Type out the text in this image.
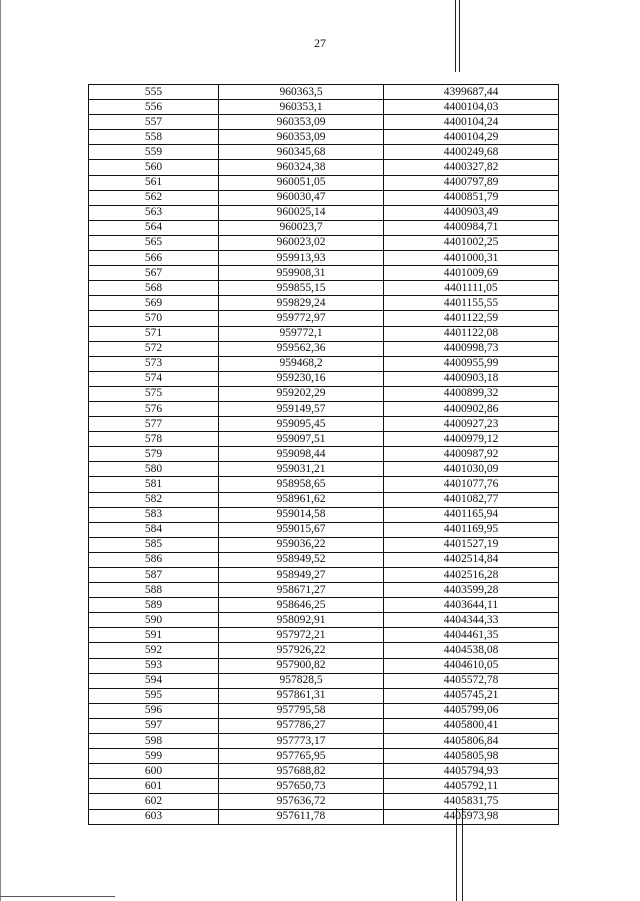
27
555	960363,5	4399687,44
556	960353,1	4400104,03
557	960353,09	4400104,24
558	960353,09	4400104,29
559	960345,68	4400249,68
560	960324,38	4400327,82
561	960051,05	4400797,89
562	960030,47	4400851,79
563	960025,14	4400903,49
564	960023,7	4400984,71
565	960023,02	4401002,25
566	959913,93	4401000,31
567	959908,31	4401009,69
568	959855,15	4401111,05
569	959829,24	4401155,55
570	959772,97	4401122,59
571	959772,1	4401122,08
572	959562,36	4400998,73
573	959468,2	4400955,99
574	959230,16	4400903,18
575	959202,29	4400899,32
576	959149,57	4400902,86
577	959095,45	4400927,23
578	959097,51	4400979,12
579	959098,44	4400987,92
580	959031,21	4401030,09
581	958958,65	4401077,76
582	958961,62	4401082,77
583	959014,58	4401165,94
584	959015,67	4401169,95
585	959036,22	4401527,19
586	958949,52	4402514,84
587	958949,27	4402516,28
588	958671,27	4403599,28
589	958646,25	4403644,11
590	958092,91	4404344,33
591	957972,21	4404461,35
592	957926,22	4404538,08
593	957900,82	4404610,05
594	957828,5	4405572,78
595	957861,31	4405745,21
596	957795,58	4405799,06
597	957786,27	4405800,41
598	957773,17	4405806,84
599	957765,95	4405805,98
600	957688,82	4405794,93
601	957650,73	4405792,11
602	957636,72	4405831,75
603	957611,78	4405973,98
